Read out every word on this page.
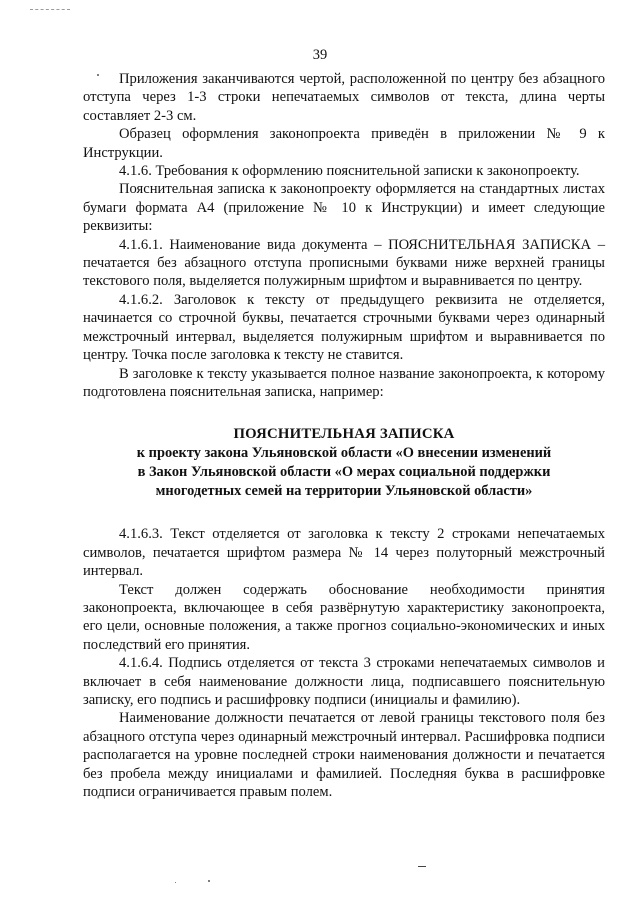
39

Приложения заканчиваются чертой, расположенной по центру без абзацного отступа через 1-3 строки непечатаемых символов от текста, длина черты составляет 2-3 см.

Образец оформления законопроекта приведён в приложении № 9 к Инструкции.

4.1.6. Требования к оформлению пояснительной записки к законопроекту.

Пояснительная записка к законопроекту оформляется на стандартных листах бумаги формата А4 (приложение № 10 к Инструкции) и имеет следующие реквизиты:

4.1.6.1. Наименование вида документа – ПОЯСНИТЕЛЬНАЯ ЗАПИСКА – печатается без абзацного отступа прописными буквами ниже верхней границы текстового поля, выделяется полужирным шрифтом и выравнивается по центру.

4.1.6.2. Заголовок к тексту от предыдущего реквизита не отделяется, начинается со строчной буквы, печатается строчными буквами через одинарный межстрочный интервал, выделяется полужирным шрифтом и выравнивается по центру. Точка после заголовка к тексту не ставится.

В заголовке к тексту указывается полное название законопроекта, к которому подготовлена пояснительная записка, например:

ПОЯСНИТЕЛЬНАЯ ЗАПИСКА
к проекту закона Ульяновской области «О внесении изменений
в Закон Ульяновской области «О мерах социальной поддержки
многодетных семей на территории Ульяновской области»

4.1.6.3. Текст отделяется от заголовка к тексту 2 строками непечатаемых символов, печатается шрифтом размера № 14 через полуторный межстрочный интервал.

Текст должен содержать обоснование необходимости принятия законопроекта, включающее в себя развёрнутую характеристику законопроекта, его цели, основные положения, а также прогноз социально-экономических и иных последствий его принятия.

4.1.6.4. Подпись отделяется от текста 3 строками непечатаемых символов и включает в себя наименование должности лица, подписавшего пояснительную записку, его подпись и расшифровку подписи (инициалы и фамилию).

Наименование должности печатается от левой границы текстового поля без абзацного отступа через одинарный межстрочный интервал. Расшифровка подписи располагается на уровне последней строки наименования должности и печатается без пробела между инициалами и фамилией. Последняя буква в расшифровке подписи ограничивается правым полем.
